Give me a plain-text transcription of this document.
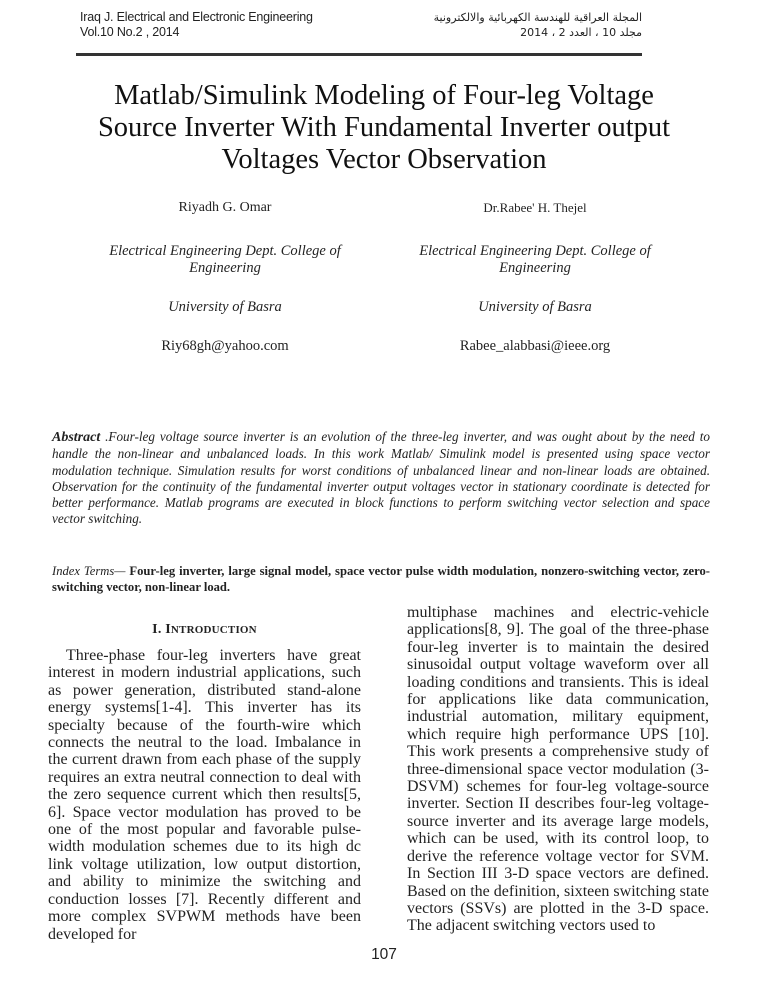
Iraq J. Electrical and Electronic Engineering
Vol.10 No.2 , 2014
المجلة العراقية للهندسة الكهربائية والالكترونية
مجلد 10 ، العدد 2 ، 2014
Matlab/Simulink Modeling of Four-leg Voltage
Source Inverter With Fundamental Inverter output
Voltages Vector Observation
Riyadh G. Omar
Electrical Engineering Dept. College of Engineering
University of Basra
Riy68gh@yahoo.com
Dr.Rabee' H. Thejel
Electrical Engineering Dept. College of Engineering
University of Basra
Rabee_alabbasi@ieee.org

Abstract .Four-leg voltage source inverter is an evolution of the three-leg inverter, and was ought about by the need to handle the non-linear and unbalanced loads. In this work Matlab/ Simulink model is presented using space vector modulation technique. Simulation results for worst conditions of unbalanced linear and non-linear loads are obtained. Observation for the continuity of the fundamental inverter output voltages vector in stationary coordinate is detected for better performance. Matlab programs are executed in block functions to perform switching vector selection and space vector switching.

Index Terms— Four-leg inverter, large signal model, space vector pulse width modulation, nonzero-switching vector, zero-switching vector, non-linear load.

I. INTRODUCTION

Three-phase four-leg inverters have great interest in modern industrial applications, such as power generation, distributed stand-alone energy systems[1-4]. This inverter has its specialty because of the fourth-wire which connects the neutral to the load. Imbalance in the current drawn from each phase of the supply requires an extra neutral connection to deal with the zero sequence current which then results[5, 6]. Space vector modulation has proved to be one of the most popular and favorable pulse-width modulation schemes due to its high dc link voltage utilization, low output distortion, and ability to minimize the switching and conduction losses [7]. Recently different and more complex SVPWM methods have been developed for

multiphase machines and electric-vehicle applications[8, 9]. The goal of the three-phase four-leg inverter is to maintain the desired sinusoidal output voltage waveform over all loading conditions and transients. This is ideal for applications like data communication, industrial automation, military equipment, which require high performance UPS [10]. This work presents a comprehensive study of three-dimensional space vector modulation (3-DSVM) schemes for four-leg voltage-source inverter. Section II describes four-leg voltage-source inverter and its average large models, which can be used, with its control loop, to derive the reference voltage vector for SVM. In Section III 3-D space vectors are defined. Based on the definition, sixteen switching state vectors (SSVs) are plotted in the 3-D space. The adjacent switching vectors used to

107
